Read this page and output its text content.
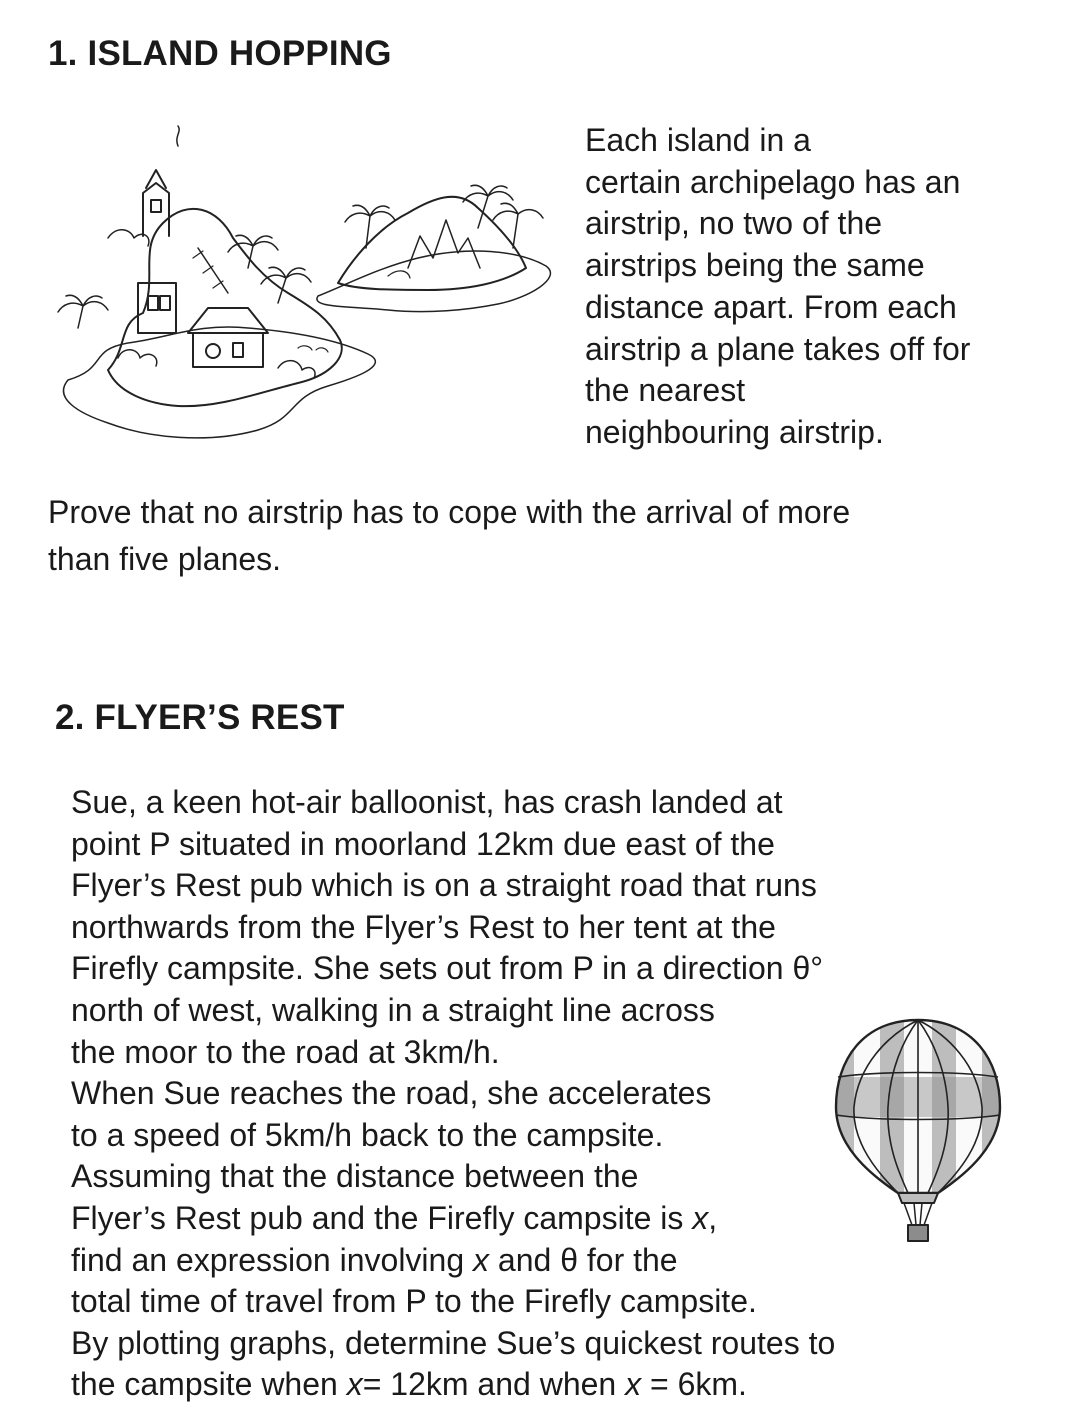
1. ISLAND HOPPING
Each island in a
certain archipelago has an
airstrip, no two of the
airstrips being the same
distance apart. From each
airstrip a plane takes off for
the nearest
neighbouring airstrip.
Prove that no airstrip has to cope with the arrival of more
than five planes.
2. FLYER’S REST
Sue, a keen hot-air balloonist, has crash landed at
point P situated in moorland 12km due east of the
Flyer’s Rest pub which is on a straight road that runs
northwards from the Flyer’s Rest to her tent at the
Firefly campsite. She sets out from P in a direction θ°
north of west, walking in a straight line across
the moor to the road at 3km/h.
When Sue reaches the road, she accelerates
to a speed of 5km/h back to the campsite.
Assuming that the distance between the
Flyer’s Rest pub and the Firefly campsite is x,
find an expression involving x and θ for the
total time of travel from P to the Firefly campsite.
By plotting graphs, determine Sue’s quickest routes to
the campsite when x= 12km and when x = 6km.
